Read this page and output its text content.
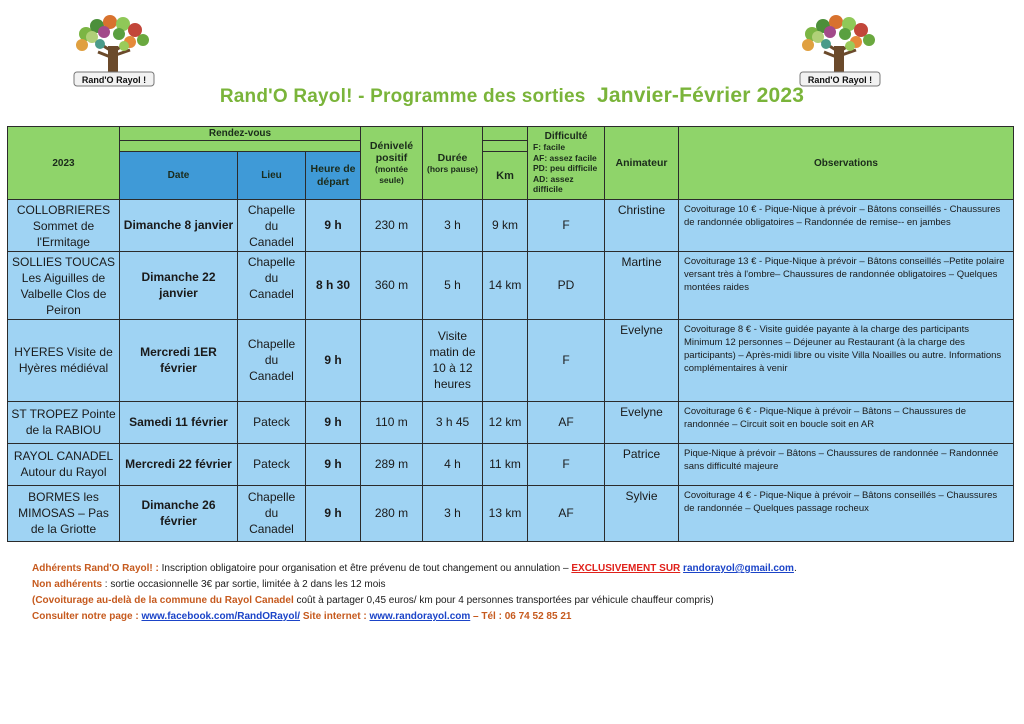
Rand'O Rayol !	Rand'O Rayol !
Rand'O Rayol! - Programme des sorties Janvier-Février 2023
2023	Rendez-vous			Dénivelé positif
(montée seule)	Durée
(hors pause)		Difficulté
F: facile
AF: assez facile
PD: peu difficile
AD: assez difficile	Animateur	Observations

	Date	Lieu	Heure de départ			Km			
COLLOBRIERES Sommet de l'Ermitage	Dimanche 8 janvier	Chapelle du Canadel	9 h	230 m	3 h	9 km	F	Christine	Covoiturage 10 € - Pique-Nique à prévoir – Bâtons conseillés - Chaussures de randonnée obligatoires – Randonnée de remise-- en jambes
SOLLIES TOUCAS Les Aiguilles de Valbelle Clos de Peiron	Dimanche 22 janvier	Chapelle du Canadel	8 h 30	360 m	5 h	14 km	PD	Martine	Covoiturage 13 € - Pique-Nique à prévoir – Bâtons conseillés –Petite polaire versant très à l'ombre– Chaussures de randonnée obligatoires – Quelques montées raides
HYERES Visite de Hyères médiéval	Mercredi 1ER février	Chapelle du Canadel	9 h		Visite matin de 10 à 12 heures		F	Evelyne	Covoiturage 8 € - Visite guidée payante à la charge des participants Minimum 12 personnes – Déjeuner au Restaurant (à la charge des participants) – Après-midi libre ou visite Villa Noailles ou autre. Informations complémentaires à venir
ST TROPEZ Pointe de la RABIOU	Samedi 11 février	Pateck	9 h	110 m	3 h 45	12 km	AF	Evelyne	Covoiturage 6 € - Pique-Nique à prévoir – Bâtons – Chaussures de randonnée – Circuit soit en boucle soit en AR
RAYOL CANADEL Autour du Rayol	Mercredi 22 février	Pateck	9 h	289 m	4 h	11 km	F	Patrice	Pique-Nique à prévoir – Bâtons – Chaussures de randonnée – Randonnée sans difficulté majeure
BORMES les MIMOSAS – Pas de la Griotte	Dimanche 26 février	Chapelle du Canadel	9 h	280 m	3 h	13 km	AF	Sylvie	Covoiturage 4 € - Pique-Nique à prévoir – Bâtons conseillés – Chaussures de randonnée – Quelques passage rocheux
Adhérents Rand'O Rayol! : Inscription obligatoire pour organisation et être prévenu de tout changement ou annulation – EXCLUSIVEMENT SUR randorayol@gmail.com.
Non adhérents : sortie occasionnelle 3€ par sortie, limitée à 2 dans les 12 mois
(Covoiturage au-delà de la commune du Rayol Canadel coût à partager 0,45 euros/ km pour 4 personnes transportées par véhicule chauffeur compris)
Consulter notre page : www.facebook.com/RandORayol/ Site internet : www.randorayol.com – Tél : 06 74 52 85 21
